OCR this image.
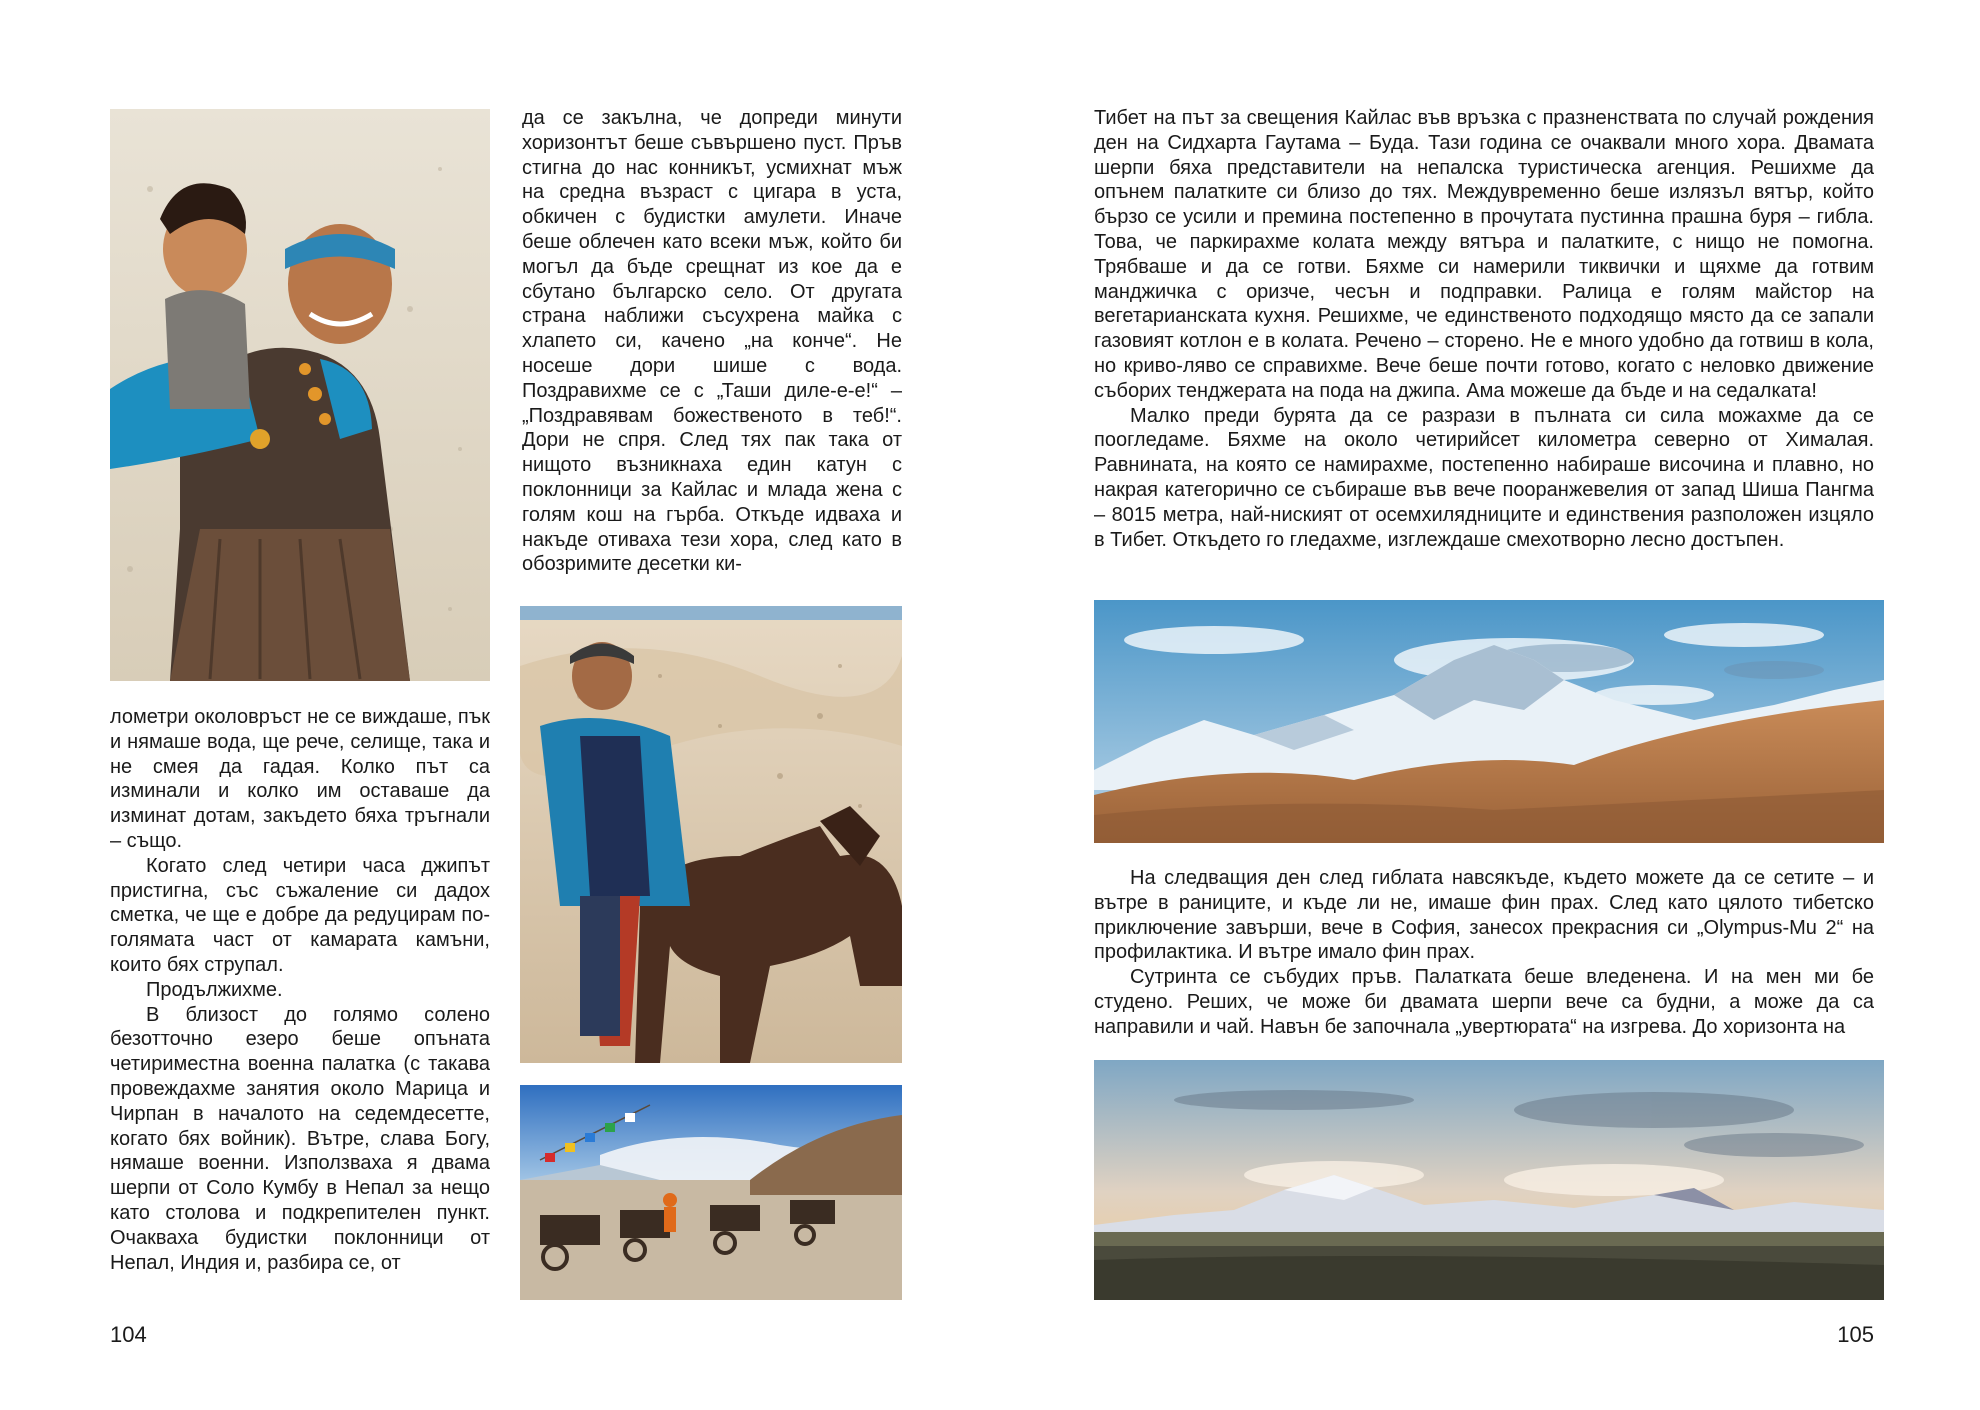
да се закълна, че допреди минути хоризонтът беше съвършено пуст. Пръв стигна до нас конникът, усмихнат мъж на средна възраст с цигара в уста, обкичен с будистки амулети. Иначе беше облечен като всеки мъж, който би могъл да бъде срещнат из кое да е сбутано българско село. От другата страна наближи съсухрена майка с хлапето си, качено „на конче“. Не носеше дори шише с вода. Поздравихме се с „Таши диле-е-е!“ – „Поздравявам божественото в теб!“. Дори не спря. След тях пак така от нищото възникнаха един катун с поклонници за Кайлас и млада жена с голям кош на гърба. Откъде идваха и накъде отиваха тези хора, след като в обозримите десетки ки-

лометри околовръст не се виждаше, пък и нямаше вода, ще рече, селище, така и не смея да гадая. Колко път са изминали и колко им оставаше да изминат дотам, закъдето бяха тръгнали – също.

Когато след четири часа джипът пристигна, със съжаление си дадох сметка, че ще е добре да редуцирам по-голямата част от камарата камъни, които бях струпал.

Продължихме.

В близост до голямо солено безотточно езеро беше опъната четириместна военна палатка (с такава провеждахме занятия около Марица и Чирпан в началото на седемдесетте, когато бях войник). Вътре, слава Богу, нямаше военни. Използваха я двама шерпи от Соло Кумбу в Непал за нещо като столова и подкрепителен пункт. Очакваха будистки поклонници от Непал, Индия и, разбира се, от

104

Тибет на път за свещения Кайлас във връзка с празненствата по случай рождения ден на Сидхарта Гаутама – Буда. Тази година се очаквали много хора. Двамата шерпи бяха представители на непалска туристическа агенция. Решихме да опънем палатките си близо до тях. Междувременно беше излязъл вятър, който бързо се усили и премина постепенно в прочутата пустинна прашна буря – гибла. Това, че паркирахме колата между вятъра и палатките, с нищо не помогна. Трябваше и да се готви. Бяхме си намерили тиквички и щяхме да готвим манджичка с оризче, чесън и подправки. Ралица е голям майстор на вегетарианската кухня. Решихме, че единственото подходящо място да се запали газовият котлон е в колата. Речено – сторено. Не е много удобно да готвиш в кола, но криво-ляво се справихме. Вече беше почти готово, когато с неловко движение съборих тенджерата на пода на джипа. Ама можеше да бъде и на седалката!

Малко преди бурята да се разрази в пълната си сила можахме да се поогледаме. Бяхме на около четирийсет километра северно от Хималая. Равнината, на която се намирахме, постепенно набираше височина и плавно, но накрая категорично се събираше във вече пооранжевелия от запад Шиша Пангма – 8015 метра, най-ниският от осемхилядниците и единствения разположен изцяло в Тибет. Откъдето го гледахме, изглеждаше смехотворно лесно достъпен.

На следващия ден след гиблата навсякъде, където можете да се сетите – и вътре в раниците, и къде ли не, имаше фин прах. След като цялото тибетско приключение завърши, вече в София, занесох прекрасния си „Olympus-Mu 2“ на профилактика. И вътре имало фин прах.

Сутринта се събудих пръв. Палатката беше вледенена. И на мен ми бе студено. Реших, че може би двамата шерпи вече са будни, а може да са направили и чай. Навън бе започнала „увертюрата“ на изгрева. До хоризонта на

105
